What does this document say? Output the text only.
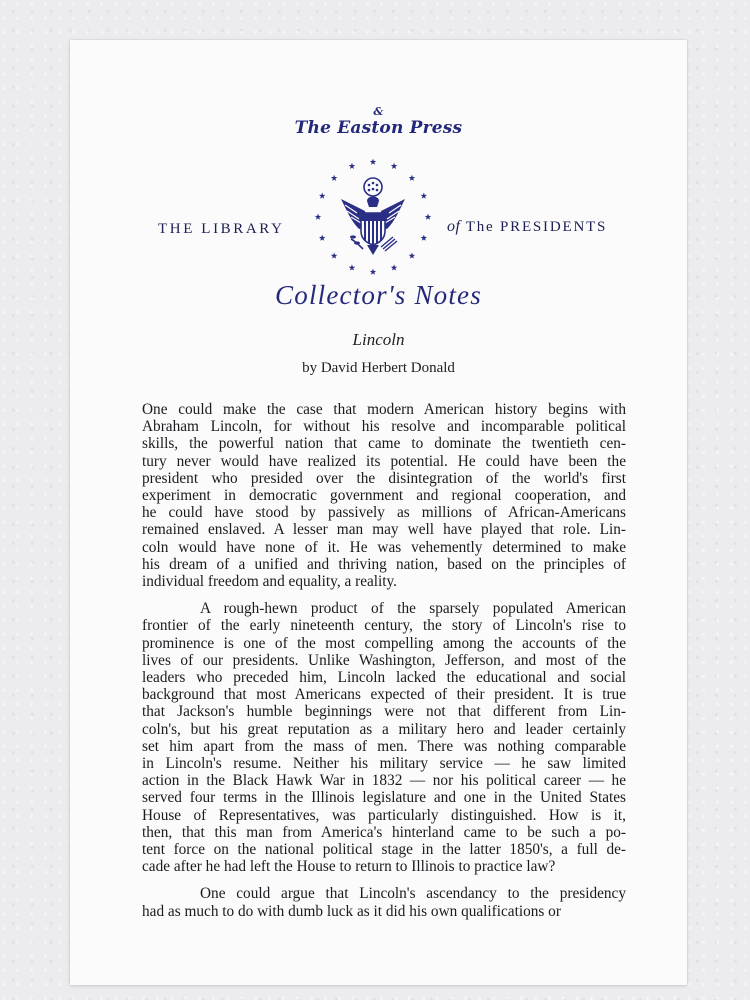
&
The Easton Press
THE LIBRARY	of The PRESIDENTS
Collector's Notes
Lincoln
by David Herbert Donald
One could make the case that modern American history begins with
Abraham Lincoln, for without his resolve and incomparable political
skills, the powerful nation that came to dominate the twentieth cen-
tury never would have realized its potential. He could have been the
president who presided over the disintegration of the world's first
experiment in democratic government and regional cooperation, and
he could have stood by passively as millions of African-Americans
remained enslaved. A lesser man may well have played that role. Lin-
coln would have none of it. He was vehemently determined to make
his dream of a unified and thriving nation, based on the principles of
individual freedom and equality, a reality.
A rough-hewn product of the sparsely populated American
frontier of the early nineteenth century, the story of Lincoln's rise to
prominence is one of the most compelling among the accounts of the
lives of our presidents. Unlike Washington, Jefferson, and most of the
leaders who preceded him, Lincoln lacked the educational and social
background that most Americans expected of their president. It is true
that Jackson's humble beginnings were not that different from Lin-
coln's, but his great reputation as a military hero and leader certainly
set him apart from the mass of men. There was nothing comparable
in Lincoln's resume. Neither his military service — he saw limited
action in the Black Hawk War in 1832 — nor his political career — he
served four terms in the Illinois legislature and one in the United States
House of Representatives, was particularly distinguished. How is it,
then, that this man from America's hinterland came to be such a po-
tent force on the national political stage in the latter 1850's, a full de-
cade after he had left the House to return to Illinois to practice law?
One could argue that Lincoln's ascendancy to the presidency
had as much to do with dumb luck as it did his own qualifications or
